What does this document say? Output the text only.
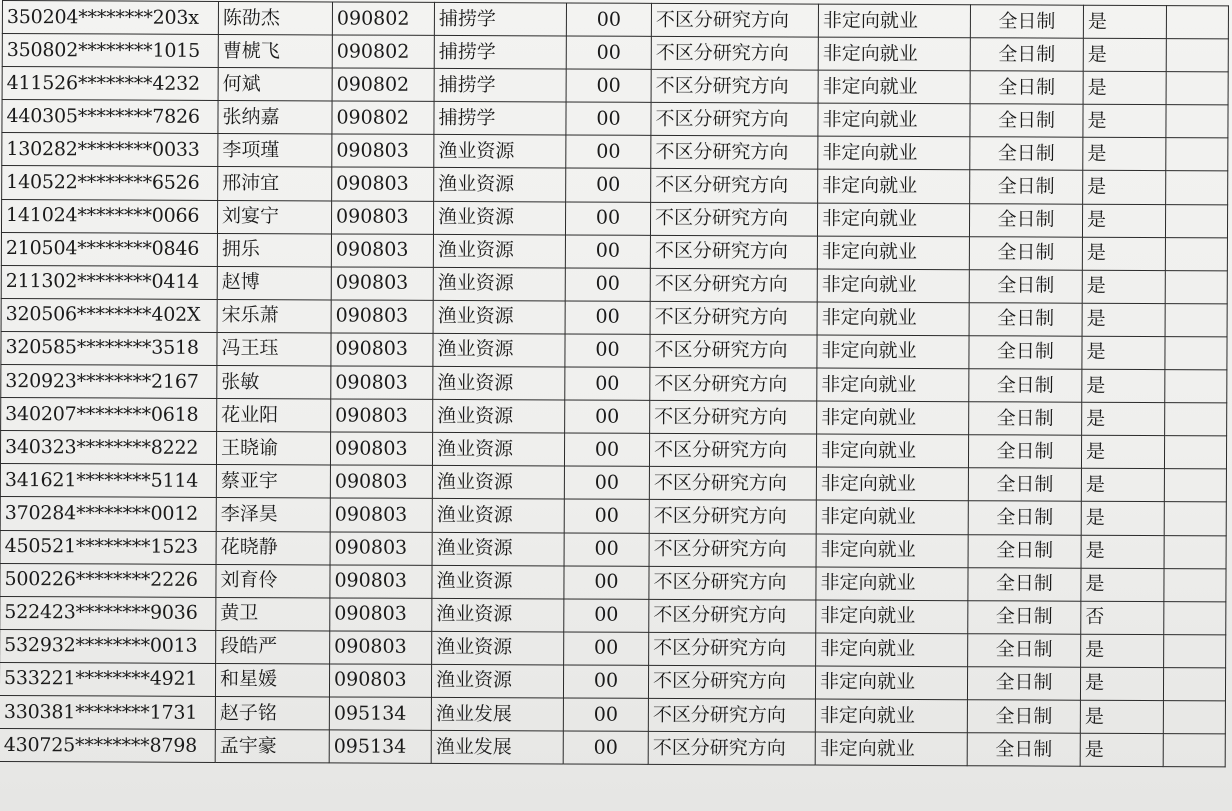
350204********203x	陈劭杰	090802	捕捞学	00	不区分研究方向	非定向就业	全日制	是	
350802********1015	曹椃飞	090802	捕捞学	00	不区分研究方向	非定向就业	全日制	是	
411526********4232	何斌	090802	捕捞学	00	不区分研究方向	非定向就业	全日制	是	
440305********7826	张纳嘉	090802	捕捞学	00	不区分研究方向	非定向就业	全日制	是	
130282********0033	李项瑾	090803	渔业资源	00	不区分研究方向	非定向就业	全日制	是	
140522********6526	邢沛宜	090803	渔业资源	00	不区分研究方向	非定向就业	全日制	是	
141024********0066	刘宴宁	090803	渔业资源	00	不区分研究方向	非定向就业	全日制	是	
210504********0846	拥乐	090803	渔业资源	00	不区分研究方向	非定向就业	全日制	是	
211302********0414	赵博	090803	渔业资源	00	不区分研究方向	非定向就业	全日制	是	
320506********402X	宋乐萧	090803	渔业资源	00	不区分研究方向	非定向就业	全日制	是	
320585********3518	冯王珏	090803	渔业资源	00	不区分研究方向	非定向就业	全日制	是	
320923********2167	张敏	090803	渔业资源	00	不区分研究方向	非定向就业	全日制	是	
340207********0618	花业阳	090803	渔业资源	00	不区分研究方向	非定向就业	全日制	是	
340323********8222	王晓谕	090803	渔业资源	00	不区分研究方向	非定向就业	全日制	是	
341621********5114	蔡亚宇	090803	渔业资源	00	不区分研究方向	非定向就业	全日制	是	
370284********0012	李泽昊	090803	渔业资源	00	不区分研究方向	非定向就业	全日制	是	
450521********1523	花晓静	090803	渔业资源	00	不区分研究方向	非定向就业	全日制	是	
500226********2226	刘育伶	090803	渔业资源	00	不区分研究方向	非定向就业	全日制	是	
522423********9036	黄卫	090803	渔业资源	00	不区分研究方向	非定向就业	全日制	否	
532932********0013	段皓严	090803	渔业资源	00	不区分研究方向	非定向就业	全日制	是	
533221********4921	和星媛	090803	渔业资源	00	不区分研究方向	非定向就业	全日制	是	
330381********1731	赵子铭	095134	渔业发展	00	不区分研究方向	非定向就业	全日制	是	
430725********8798	孟宇豪	095134	渔业发展	00	不区分研究方向	非定向就业	全日制	是	
